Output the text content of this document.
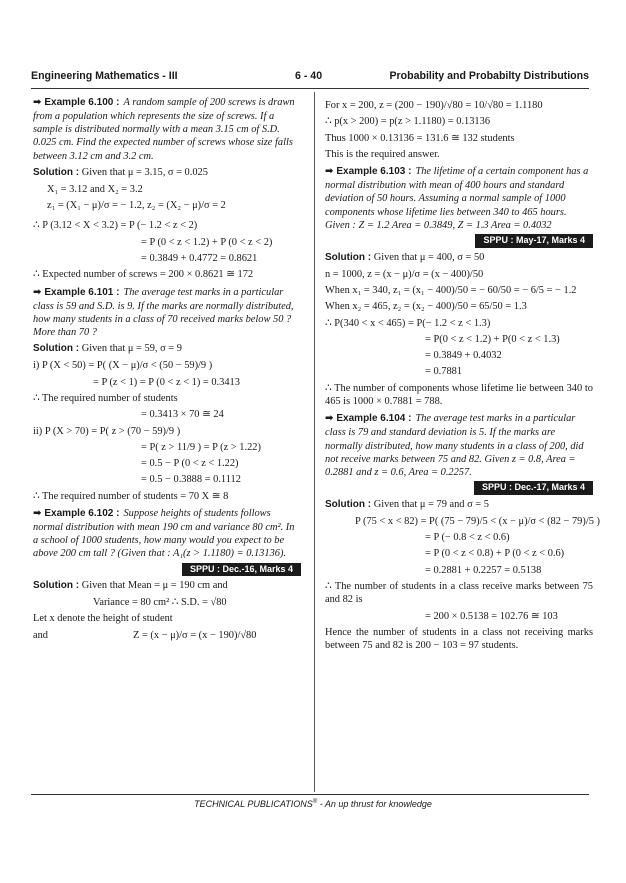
Engineering Mathematics - III	6 - 40	Probability and Probabilty Distributions
➡ Example 6.100 : A random sample of 200 screws is drawn from a population which represents the size of screws. If a sample is distributed normally with a mean 3.15 cm of S.D. 0.025 cm. Find the expected number of screws whose size falls between 3.12 cm and 3.2 cm.
Solution : Given that μ = 3.15, σ = 0.025
X₁ = 3.12 and X₂ = 3.2
z₁ = (X₁ − μ)/σ = − 1.2, z₂ = (X₂ − μ)/σ = 2
∴ P (3.12 < X < 3.2) = P (− 1.2 < z < 2)
= P (0 < z < 1.2) + P (0 < z < 2)
= 0.3849 + 0.4772 = 0.8621
∴ Expected number of screws = 200 × 0.8621 ≅ 172
➡ Example 6.101 : The average test marks in a particular class is 59 and S.D. is 9. If the marks are normally distributed, how many students in a class of 70 received marks below 50 ? More than 70 ?
Solution : Given that μ = 59, σ = 9
i) P (X < 50) = P( (X − μ)/σ < (50 − 59)/9 )
= P (z < 1) = P (0 < z < 1) = 0.3413
∴ The required number of students
= 0.3413 × 70 ≅ 24
ii) P (X > 70) = P( z > (70 − 59)/9 )
= P( z > 11/9 ) = P (z > 1.22)
= 0.5 − P (0 < z < 1.22)
= 0.5 − 0.3888 = 0.1112
∴ The required number of students = 70 X ≅ 8
➡ Example 6.102 : Suppose heights of students follows normal distribution with mean 190 cm and variance 80 cm². In a school of 1000 students, how many would you expect to be above 200 cm tall ? (Given that : A₁(z > 1.1180) = 0.13136).
SPPU : Dec.-16, Marks 4
Solution : Given that Mean = μ = 190 cm and
Variance = 80 cm² ∴ S.D. = √80
Let x denote the height of student
and	Z = (x − μ)/σ = (x − 190)/√80
For x = 200, z = (200 − 190)/√80 = 10/√80 = 1.1180
∴ p(x > 200) = p(z > 1.1180) = 0.13136
Thus 1000 × 0.13136 = 131.6 ≅ 132 students
This is the required answer.
➡ Example 6.103 : The lifetime of a certain component has a normal distribution with mean of 400 hours and standard deviation of 50 hours. Assuming a normal sample of 1000 components whose lifetime lies between 340 to 465 hours. Given : Z = 1.2 Area = 0.3849, Z = 1.3 Area = 0.4032
SPPU : May-17, Marks 4
Solution : Given that μ = 400, σ = 50
n = 1000, z = (x − μ)/σ = (x − 400)/50
When x₁ = 340, z₁ = (x₁ − 400)/50 = − 60/50 = − 6/5 = − 1.2
When x₂ = 465, z₂ = (x₂ − 400)/50 = 65/50 = 1.3
∴ P(340 < x < 465) = P(− 1.2 < z < 1.3)
= P(0 < z < 1.2) + P(0 < z < 1.3)
= 0.3849 + 0.4032
= 0.7881
∴ The number of components whose lifetime lie between 340 to 465 is 1000 × 0.7881 = 788.
➡ Example 6.104 : The average test marks in a particular class is 79 and standard deviation is 5. If the marks are normally distributed, how many students in a class of 200, did not receive marks between 75 and 82. Given z = 0.8, Area = 0.2881 and z = 0.6, Area = 0.2257.
SPPU : Dec.-17, Marks 4
Solution : Given that μ = 79 and σ = 5
P (75 < x < 82) = P( (75 − 79)/5 < (x − μ)/σ < (82 − 79)/5 )
= P (− 0.8 < z < 0.6)
= P (0 < z < 0.8) + P (0 < z < 0.6)
= 0.2881 + 0.2257 = 0.5138
∴ The number of students in a class receive marks between 75 and 82 is
= 200 × 0.5138 = 102.76 ≅ 103
Hence the number of students in a class not receiving marks between 75 and 82 is 200 − 103 = 97 students.
TECHNICAL PUBLICATIONS® - An up thrust for knowledge
